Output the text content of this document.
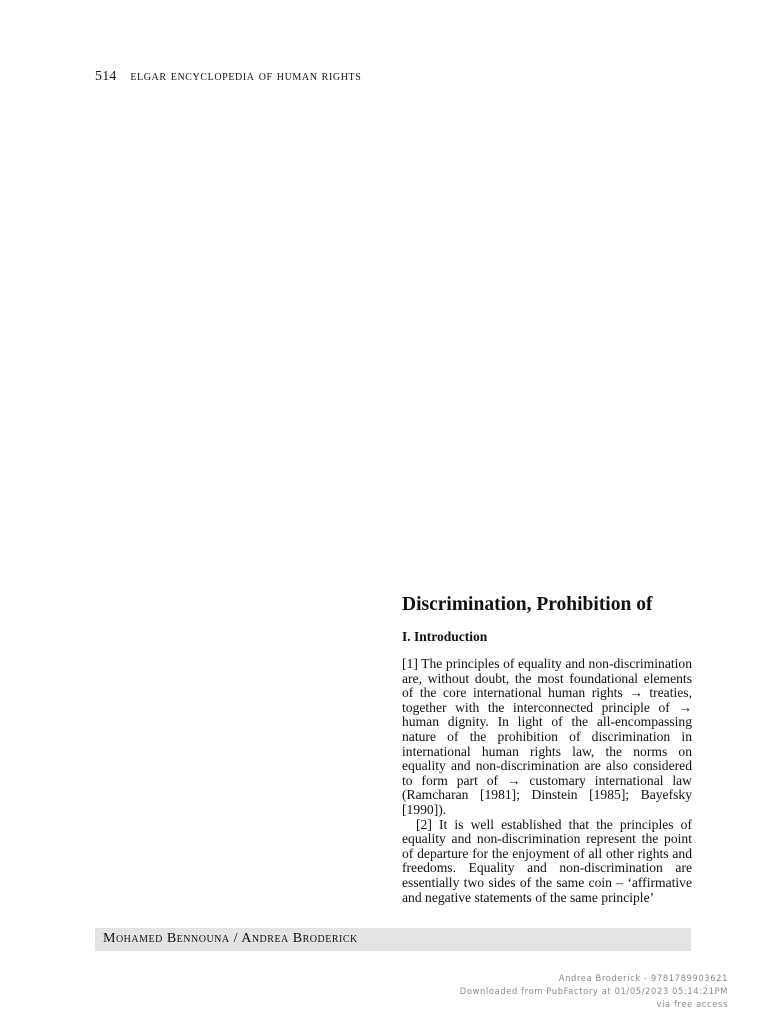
514 elgar encyclopedia of human rights
Discrimination, Prohibition of
I. Introduction

[1] The principles of equality and non-discrimination are, without doubt, the most foundational elements of the core international human rights → treaties, together with the interconnected principle of → human dignity. In light of the all-encompassing nature of the prohibition of discrimination in international human rights law, the norms on equality and non-discrimination are also considered to form part of → customary international law (Ramcharan [1981]; Dinstein [1985]; Bayefsky [1990]).

[2] It is well established that the principles of equality and non-discrimination represent the point of departure for the enjoyment of all other rights and freedoms. Equality and non-discrimination are essentially two sides of the same coin – ‘affirmative and negative statements of the same principle’

Mohamed Bennouna / Andrea Broderick
Andrea Broderick - 9781789903621
Downloaded from PubFactory at 01/05/2023 05:14:21PM
via free access
